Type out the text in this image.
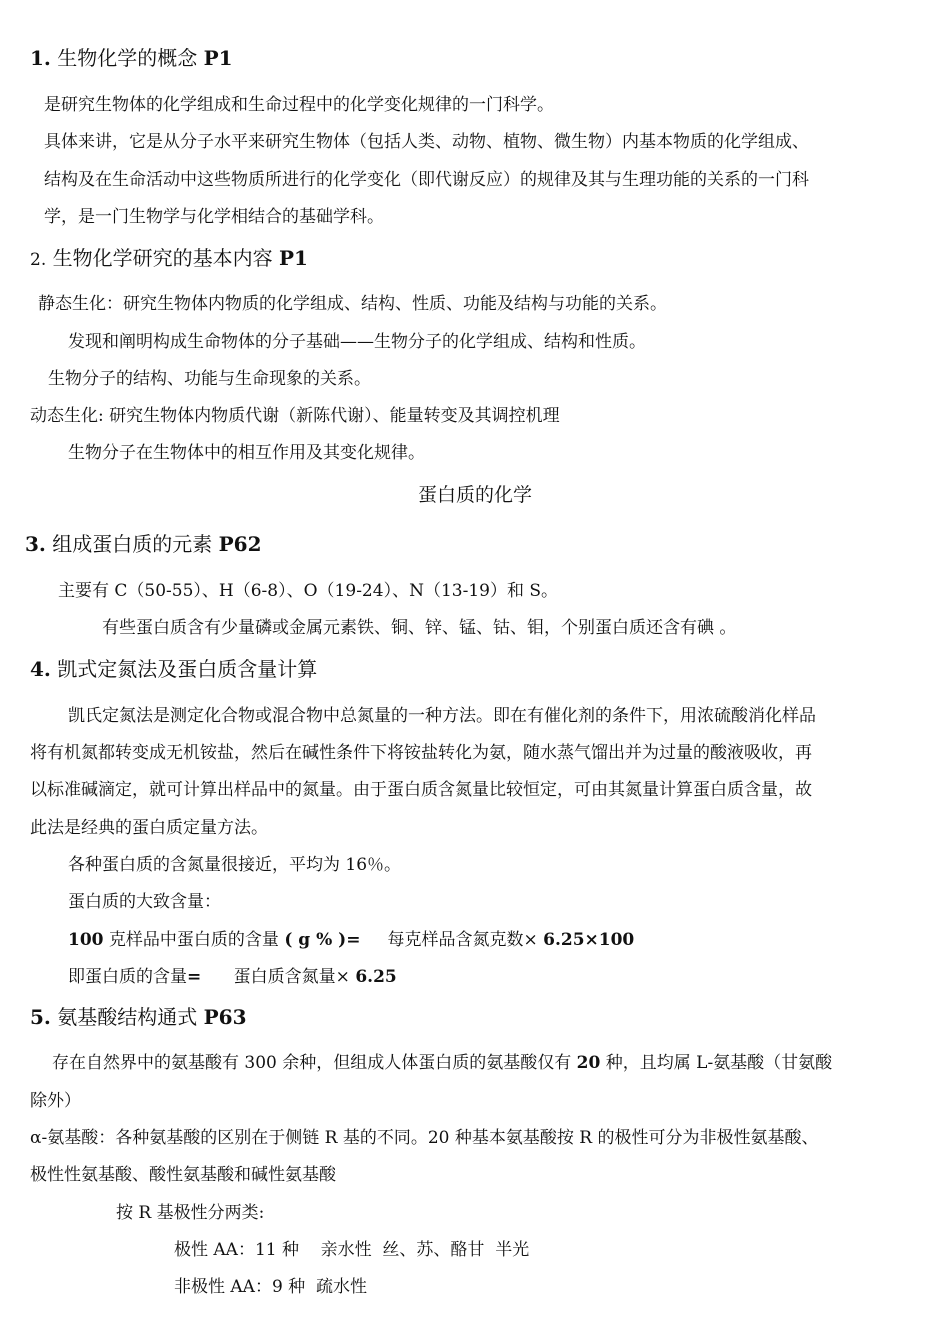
1. 生物化学的概念 P1
是研究生物体的化学组成和生命过程中的化学变化规律的一门科学。
具体来讲，它是从分子水平来研究生物体（包括人类、动物、植物、微生物）内基本物质的化学组成、
结构及在生命活动中这些物质所进行的化学变化（即代谢反应）的规律及其与生理功能的关系的一门科
学，是一门生物学与化学相结合的基础学科。
2. 生物化学研究的基本内容 P1
静态生化：研究生物体内物质的化学组成、结构、性质、功能及结构与功能的关系。
发现和阐明构成生命物体的分子基础——生物分子的化学组成、结构和性质。
生物分子的结构、功能与生命现象的关系。
动态生化: 研究生物体内物质代谢（新陈代谢）、能量转变及其调控机理
生物分子在生物体中的相互作用及其变化规律。
蛋白质的化学
3. 组成蛋白质的元素 P62
主要有 C（50-55）、H（6-8）、O（19-24）、N（13-19）和 S。
有些蛋白质含有少量磷或金属元素铁、铜、锌、锰、钴、钼，个别蛋白质还含有碘 。
4. 凯式定氮法及蛋白质含量计算
凯氏定氮法是测定化合物或混合物中总氮量的一种方法。即在有催化剂的条件下，用浓硫酸消化样品
将有机氮都转变成无机铵盐，然后在碱性条件下将铵盐转化为氨，随水蒸气馏出并为过量的酸液吸收，再
以标准碱滴定，就可计算出样品中的氮量。由于蛋白质含氮量比较恒定，可由其氮量计算蛋白质含量，故
此法是经典的蛋白质定量方法。
各种蛋白质的含氮量很接近，平均为 16％。
蛋白质的大致含量：
100 克样品中蛋白质的含量 ( g % )=     每克样品含氮克数× 6.25×100
即蛋白质的含量=      蛋白质含氮量× 6.25
5. 氨基酸结构通式 P63
存在自然界中的氨基酸有 300 余种，但组成人体蛋白质的氨基酸仅有 20 种，且均属 L-氨基酸（甘氨酸
除外）
α-氨基酸：各种氨基酸的区别在于侧链 R 基的不同。20 种基本氨基酸按 R 的极性可分为非极性氨基酸、
极性性氨基酸、酸性氨基酸和碱性氨基酸
按 R 基极性分两类:
极性 AA：11 种    亲水性  丝、苏、酪甘  半光
非极性 AA：9 种  疏水性
